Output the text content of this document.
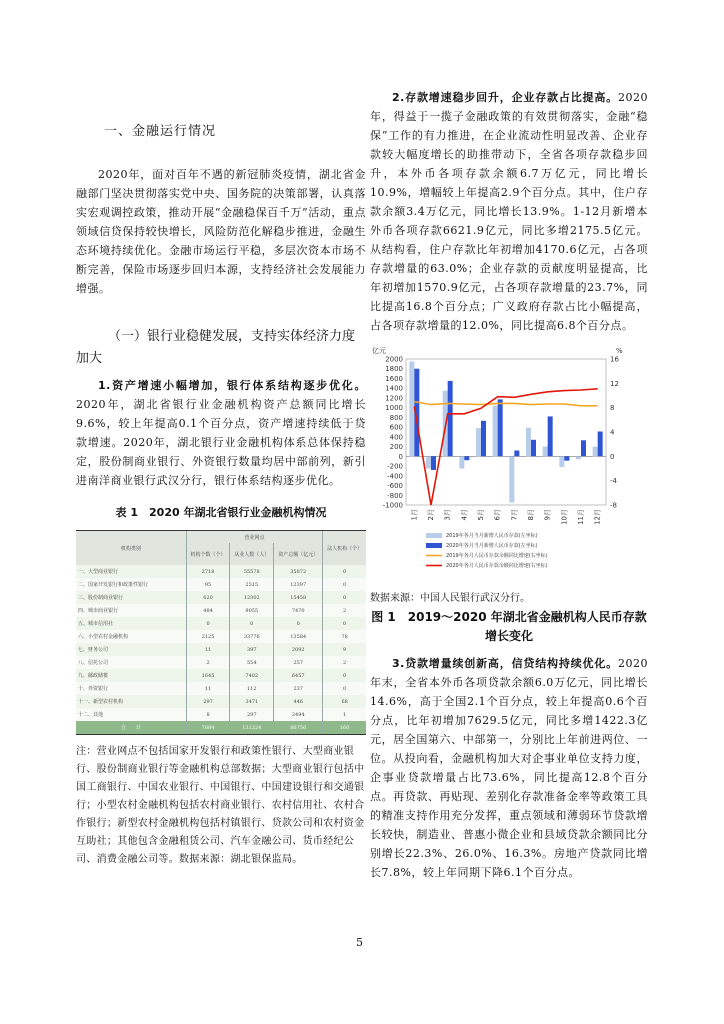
一、金融运行情况

2020年，面对百年不遇的新冠肺炎疫情，湖北省金融部门坚决贯彻落实党中央、国务院的决策部署，认真落实宏观调控政策，推动开展“金融稳保百千万”活动，重点领域信贷保持较快增长，风险防范化解稳步推进，金融生态环境持续优化。金融市场运行平稳，多层次资本市场不断完善，保险市场逐步回归本源，支持经济社会发展能力增强。

（一）银行业稳健发展，支持实体经济力度加大

1.资产增速小幅增加，银行体系结构逐步优化。2020年，湖北省银行业金融机构资产总额同比增长9.6%，较上年提高0.1个百分点，资产增速持续低于贷款增速。2020年，湖北银行业金融机构体系总体保持稳定，股份制商业银行、外资银行数量均居中部前列，新引进南洋商业银行武汉分行，银行体系结构逐步优化。

表 1　2020 年湖北省银行业金融机构情况
机构类别	营业网点			法人机构（个）
	机构个数（个）	从业人数（人）	资产总额（亿元）	
一、大型商业银行	2718	55578	35872	0
二、国家开发银行和政策性银行	95	2515	12397	0
三、股份制商业银行	620	12302	15458	0
四、城市商业银行	484	9055	7470	2
五、城市信用社	0	0	0	0
六、小型农村金融机构	2125	33776	13584	78
七、财务公司	11	397	2092	9
八、信托公司	2	554	257	2
九、邮政储蓄	1645	7402	6457	0
十、外资银行	11	112	237	0
十一、新型农村机构	297	3471	446	68
十二、其他	8	297	2494	1
合　　计	7884	131224	86756	160

注：营业网点不包括国家开发银行和政策性银行、大型商业银行、股份制商业银行等金融机构总部数据；大型商业银行包括中国工商银行、中国农业银行、中国银行、中国建设银行和交通银行；小型农村金融机构包括农村商业银行、农村信用社、农村合作银行；新型农村金融机构包括村镇银行、贷款公司和农村资金互助社；其他包含金融租赁公司、汽车金融公司、货币经纪公司、消费金融公司等。数据来源：湖北银保监局。

2.存款增速稳步回升，企业存款占比提高。2020年，得益于一揽子金融政策的有效贯彻落实，金融“稳保”工作的有力推进，在企业流动性明显改善、企业存款较大幅度增长的助推带动下，全省各项存款稳步回升，本外币各项存款余额6.7万亿元，同比增长10.9%，增幅较上年提高2.9个百分点。其中，住户存款余额3.4万亿元，同比增长13.9%。1-12月新增本外币各项存款6621.9亿元，同比多增2175.5亿元。从结构看，住户存款比年初增加4170.6亿元，占各项存款增量的63.0%；企业存款的贡献度明显提高，比年初增加1570.9亿元，占各项存款增量的23.7%，同比提高16.8个百分点；广义政府存款占比小幅提高，占各项存款增量的12.0%，同比提高6.8个百分点。

亿元	%
2000
1800
1600
1400
1200
1000
800
600
400
200
0
-200
-400
-600
-800
-1000
16
12
8
4
0
-4
-8
1月 2月 3月 4月 5月 6月 7月 8月 9月 10月 11月 12月
2019年各月当月新增人民币存款(左坐标)
2020年各月当月新增人民币存款(左坐标)
2019年各月人民币存款余额同比增速(右坐标)
2020年各月人民币存款余额同比增速(右坐标)
数据来源：中国人民银行武汉分行。
图 1　2019～2020 年湖北省金融机构人民币存款增长变化

3.贷款增量续创新高，信贷结构持续优化。2020年末，全省本外币各项贷款余额6.0万亿元，同比增长14.6%，高于全国2.1个百分点，较上年提高0.6个百分点，比年初增加7629.5亿元，同比多增1422.3亿元，居全国第六、中部第一，分别比上年前进两位、一位。从投向看，金融机构加大对企事业单位支持力度，企事业贷款增量占比73.6%，同比提高12.8个百分点。再贷款、再贴现、差别化存款准备金率等政策工具的精准支持作用充分发挥，重点领域和薄弱环节贷款增长较快，制造业、普惠小微企业和县域贷款余额同比分别增长22.3%、26.0%、16.3%。房地产贷款同比增长7.8%，较上年同期下降6.1个百分点。

5
